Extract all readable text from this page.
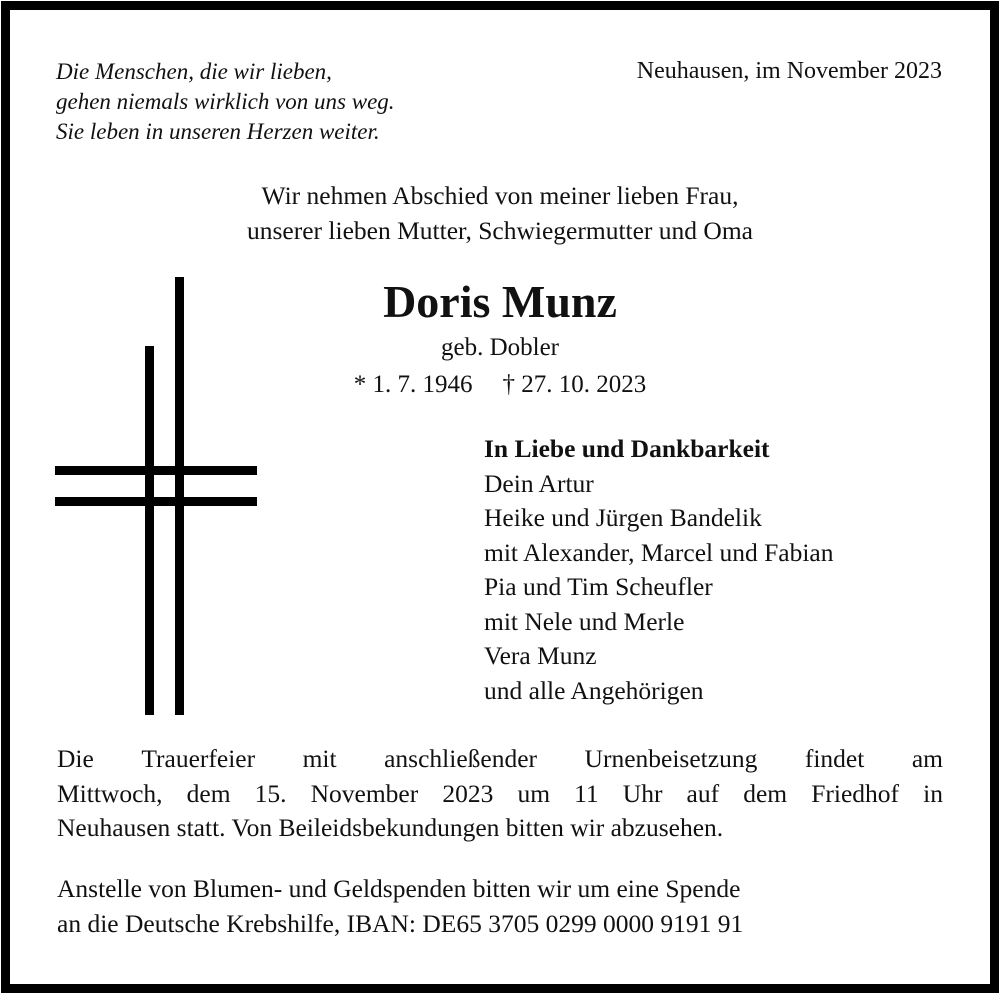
Die Menschen, die wir lieben,
gehen niemals wirklich von uns weg.
Sie leben in unseren Herzen weiter.
Neuhausen, im November 2023
Wir nehmen Abschied von meiner lieben Frau,
unserer lieben Mutter, Schwiegermutter und Oma
Doris Munz
geb. Dobler
* 1. 7. 1946 † 27. 10. 2023
In Liebe und Dankbarkeit
Dein Artur
Heike und Jürgen Bandelik
mit Alexander, Marcel und Fabian
Pia und Tim Scheufler
mit Nele und Merle
Vera Munz
und alle Angehörigen
Die Trauerfeier mit anschließender Urnenbeisetzung findet am
Mittwoch, dem 15. November 2023 um 11 Uhr auf dem Friedhof in
Neuhausen statt. Von Beileidsbekundungen bitten wir abzusehen.
Anstelle von Blumen- und Geldspenden bitten wir um eine Spende
an die Deutsche Krebshilfe, IBAN: DE65 3705 0299 0000 9191 91
